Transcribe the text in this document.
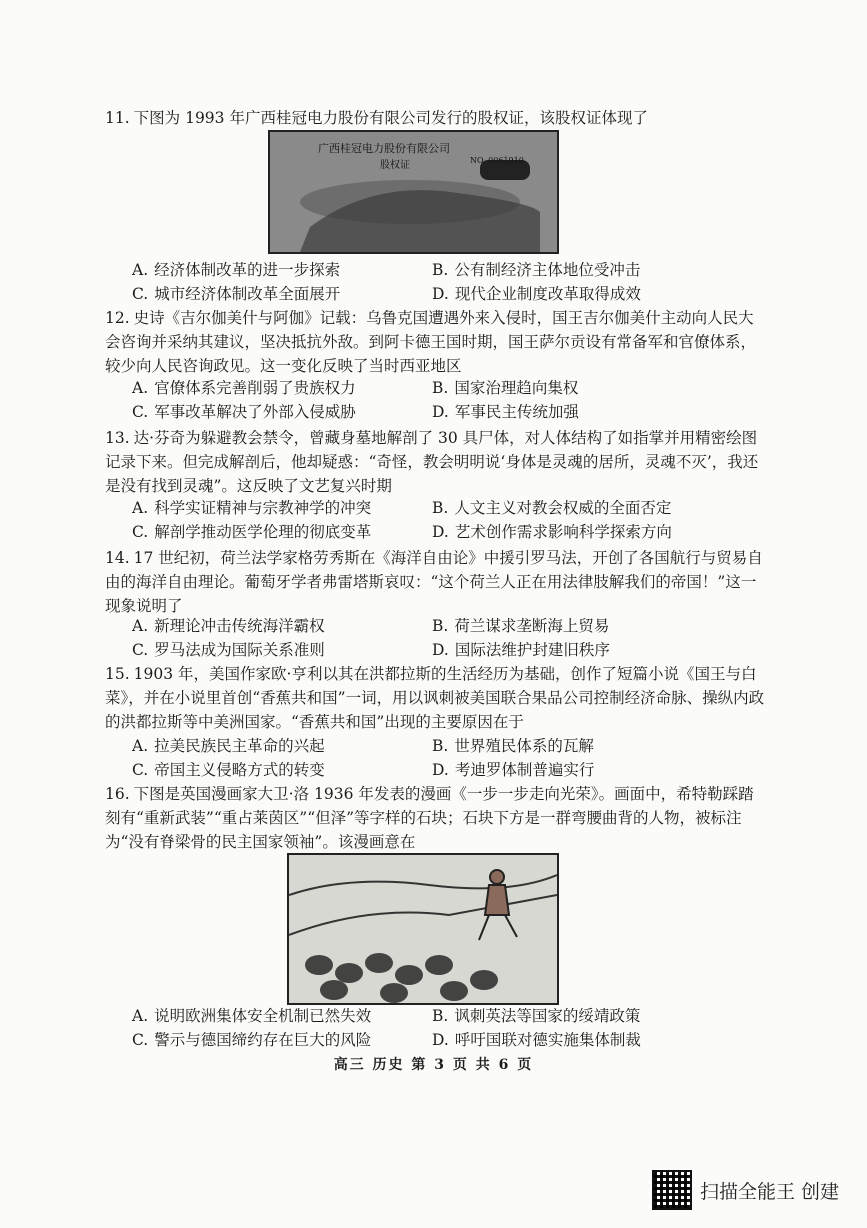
11. 下图为 1993 年广西桂冠电力股份有限公司发行的股权证，该股权证体现了
广西桂冠电力股份有限公司
股权证	NO. 0061910
A. 经济体制改革的进一步探索	B. 公有制经济主体地位受冲击
C. 城市经济体制改革全面展开	D. 现代企业制度改革取得成效
12. 史诗《吉尔伽美什与阿伽》记载：乌鲁克国遭遇外来入侵时，国王吉尔伽美什主动向人民大会咨询并采纳其建议，坚决抵抗外敌。到阿卡德王国时期，国王萨尔贡设有常备军和官僚体系，较少向人民咨询政见。这一变化反映了当时西亚地区
A. 官僚体系完善削弱了贵族权力	B. 国家治理趋向集权
C. 军事改革解决了外部入侵威胁	D. 军事民主传统加强
13. 达·芬奇为躲避教会禁令，曾藏身墓地解剖了 30 具尸体，对人体结构了如指掌并用精密绘图记录下来。但完成解剖后，他却疑惑：“奇怪，教会明明说‘身体是灵魂的居所，灵魂不灭’，我还是没有找到灵魂”。这反映了文艺复兴时期
A. 科学实证精神与宗教神学的冲突	B. 人文主义对教会权威的全面否定
C. 解剖学推动医学伦理的彻底变革	D. 艺术创作需求影响科学探索方向
14. 17 世纪初，荷兰法学家格劳秀斯在《海洋自由论》中援引罗马法，开创了各国航行与贸易自由的海洋自由理论。葡萄牙学者弗雷塔斯哀叹：“这个荷兰人正在用法律肢解我们的帝国！”这一现象说明了
A. 新理论冲击传统海洋霸权	B. 荷兰谋求垄断海上贸易
C. 罗马法成为国际关系准则	D. 国际法维护封建旧秩序
15. 1903 年，美国作家欧·亨利以其在洪都拉斯的生活经历为基础，创作了短篇小说《国王与白菜》，并在小说里首创“香蕉共和国”一词，用以讽刺被美国联合果品公司控制经济命脉、操纵内政的洪都拉斯等中美洲国家。“香蕉共和国”出现的主要原因在于
A. 拉美民族民主革命的兴起	B. 世界殖民体系的瓦解
C. 帝国主义侵略方式的转变	D. 考迪罗体制普遍实行
16. 下图是英国漫画家大卫·洛 1936 年发表的漫画《一步一步走向光荣》。画面中，希特勒踩踏刻有“重新武装”“重占莱茵区”“但泽”等字样的石块；石块下方是一群弯腰曲背的人物，被标注为“没有脊梁骨的民主国家领袖”。该漫画意在
A. 说明欧洲集体安全机制已然失效	B. 讽刺英法等国家的绥靖政策
C. 警示与德国缔约存在巨大的风险	D. 呼吁国联对德实施集体制裁
高三 历史 第 3 页 共 6 页
扫描全能王 创建
